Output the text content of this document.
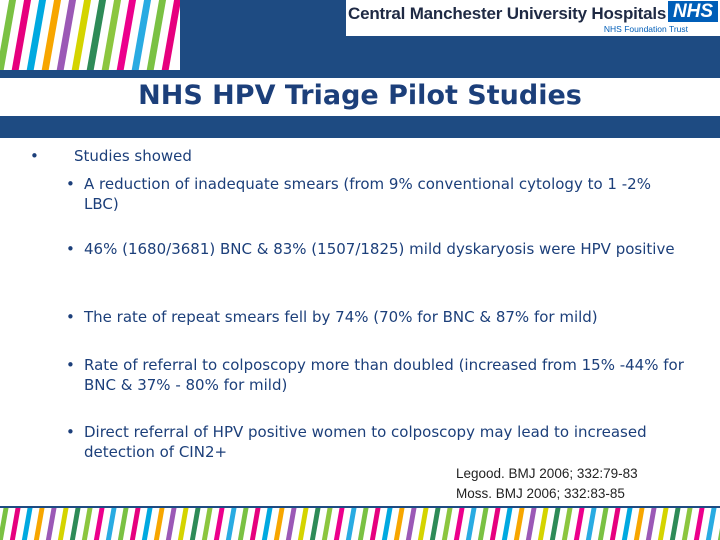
Central Manchester University Hospitals NHS
NHS Foundation Trust
NHS HPV Triage Pilot Studies
• Studies showed
• A reduction of inadequate smears (from 9% conventional cytology to 1 -2% LBC)
• 46% (1680/3681) BNC & 83% (1507/1825) mild dyskaryosis were HPV positive
• The rate of repeat smears fell by 74% (70% for BNC & 87% for mild)
• Rate of referral to colposcopy more than doubled (increased from 15% -44% for BNC & 37% - 80% for mild)
• Direct referral of HPV positive women to colposcopy may lead to increased detection of CIN2+
Legood. BMJ 2006; 332:79-83
Moss. BMJ 2006; 332:83-85
